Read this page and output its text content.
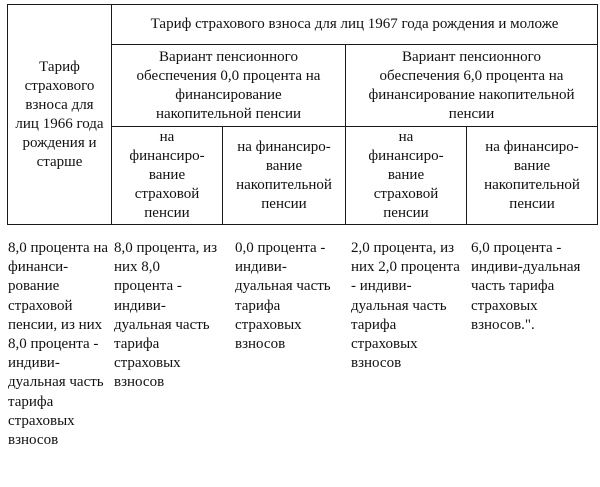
Тариф страхового взноса для лиц 1966 года рождения и старше	Тариф страхового взноса для лиц 1967 года рождения и моложе			
	Вариант пенсионного обеспечения 0,0 процента на финансирование накопительной пенсии		Вариант пенсионного обеспечения 6,0 процента на финансирование накопительной пенсии	
	на финансиро-вание страховой пенсии	на финансиро-вание накопительной пенсии	на финансиро-вание страховой пенсии	на финансиро-вание накопительной пенсии
8,0 процента на финанси-рование страховой пенсии, из них 8,0 процента - индиви-дуальная часть тарифа страховых взносов	8,0 процента, из них 8,0 процента - индиви-дуальная часть тарифа страховых взносов	0,0 процента - индиви-дуальная часть тарифа страховых взносов	2,0 процента, из них 2,0 процента - индиви-дуальная часть тарифа страховых взносов	6,0 процента - индиви-дуальная часть тарифа страховых взносов.".
